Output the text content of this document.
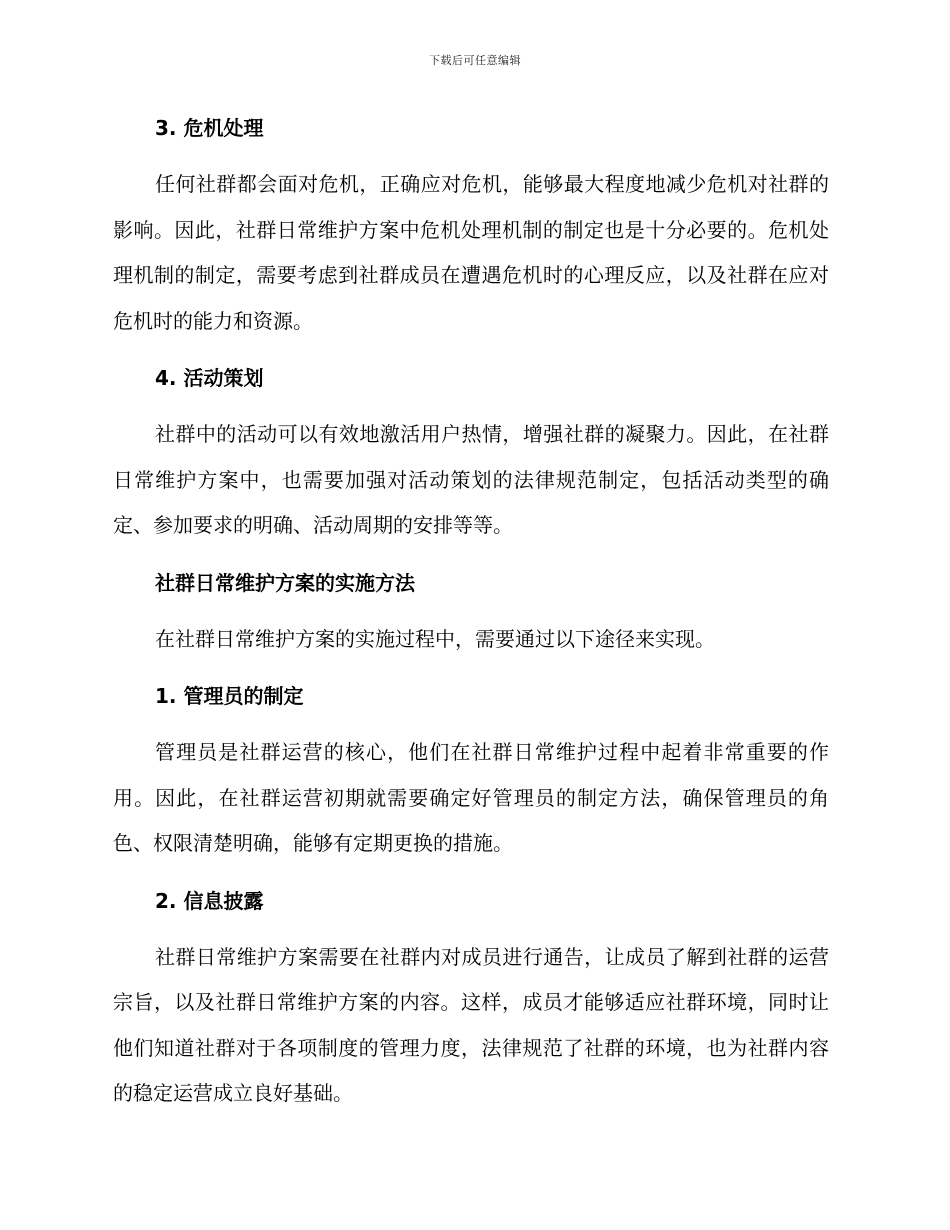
下载后可任意编辑
3. 危机处理

任何社群都会面对危机，正确应对危机，能够最大程度地减少危机对社群的影响。因此，社群日常维护方案中危机处理机制的制定也是十分必要的。危机处理机制的制定，需要考虑到社群成员在遭遇危机时的心理反应，以及社群在应对危机时的能力和资源。

4. 活动策划

社群中的活动可以有效地激活用户热情，增强社群的凝聚力。因此，在社群日常维护方案中，也需要加强对活动策划的法律规范制定，包括活动类型的确定、参加要求的明确、活动周期的安排等等。

社群日常维护方案的实施方法

在社群日常维护方案的实施过程中，需要通过以下途径来实现。

1. 管理员的制定

管理员是社群运营的核心，他们在社群日常维护过程中起着非常重要的作用。因此，在社群运营初期就需要确定好管理员的制定方法，确保管理员的角色、权限清楚明确，能够有定期更换的措施。

2. 信息披露

社群日常维护方案需要在社群内对成员进行通告，让成员了解到社群的运营宗旨，以及社群日常维护方案的内容。这样，成员才能够适应社群环境，同时让他们知道社群对于各项制度的管理力度，法律规范了社群的环境，也为社群内容的稳定运营成立良好基础。
